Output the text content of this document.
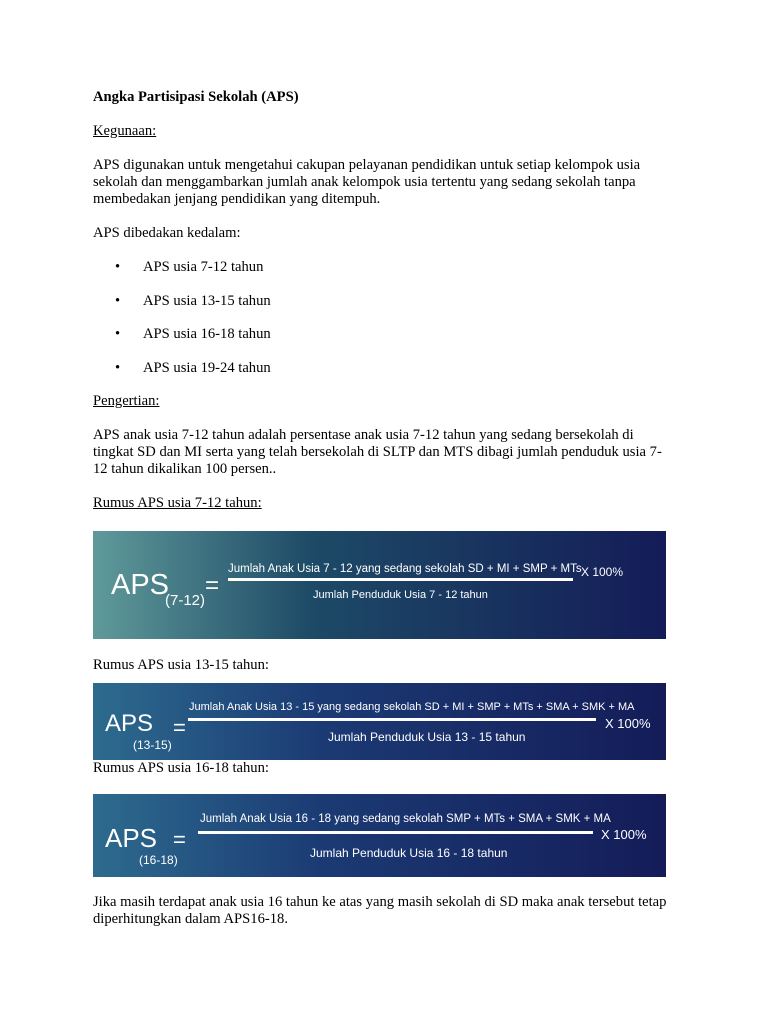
Angka Partisipasi Sekolah (APS)

Kegunaan:

APS digunakan untuk mengetahui cakupan pelayanan pendidikan untuk setiap kelompok usia sekolah dan menggambarkan jumlah anak kelompok usia tertentu yang sedang sekolah tanpa membedakan jenjang pendidikan yang ditempuh.

APS dibedakan kedalam:

• APS usia 7-12 tahun
• APS usia 13-15 tahun
• APS usia 16-18 tahun
• APS usia 19-24 tahun

Pengertian:

APS anak usia 7-12 tahun adalah persentase anak usia 7-12 tahun yang sedang bersekolah di tingkat SD dan MI serta yang telah bersekolah di SLTP dan MTS dibagi jumlah penduduk usia 7-12 tahun dikalikan 100 persen..

Rumus APS usia 7-12 tahun:

APS
(7-12)
=
Jumlah Anak Usia 7 - 12 yang sedang sekolah SD + MI + SMP + MTs
Jumlah Penduduk Usia 7 - 12 tahun
X 100%

Rumus APS usia 13-15 tahun:

APS
(13-15)
=
Jumlah Anak Usia 13 - 15 yang sedang sekolah SD + MI + SMP + MTs + SMA + SMK + MA
Jumlah Penduduk Usia 13 - 15 tahun
X 100%

Rumus APS usia 16-18 tahun:

APS
(16-18)
=
Jumlah Anak Usia 16 - 18 yang sedang sekolah SMP + MTs + SMA + SMK + MA
Jumlah Penduduk Usia 16 - 18 tahun
X 100%

Jika masih terdapat anak usia 16 tahun ke atas yang masih sekolah di SD maka anak tersebut tetap diperhitungkan dalam APS16-18.
